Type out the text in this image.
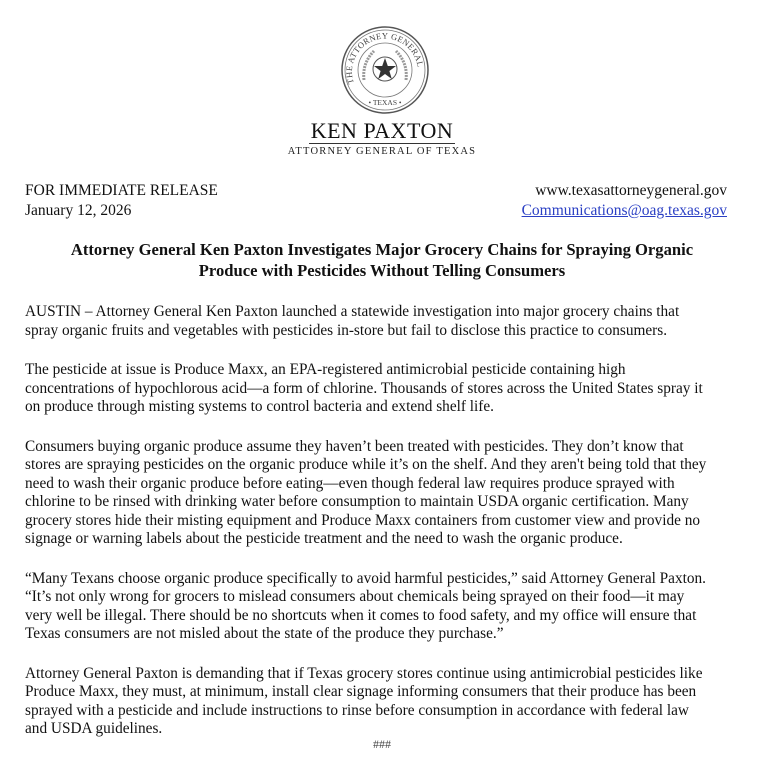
THE ATTORNEY GENERAL
• TEXAS •
KEN PAXTON
ATTORNEY GENERAL OF TEXAS
FOR IMMEDIATE RELEASE
January 12, 2026
www.texasattorneygeneral.gov
Communications@oag.texas.gov
Attorney General Ken Paxton Investigates Major Grocery Chains for Spraying Organic
Produce with Pesticides Without Telling Consumers

AUSTIN – Attorney General Ken Paxton launched a statewide investigation into major grocery chains that
spray organic fruits and vegetables with pesticides in-store but fail to disclose this practice to consumers.

The pesticide at issue is Produce Maxx, an EPA-registered antimicrobial pesticide containing high
concentrations of hypochlorous acid—a form of chlorine. Thousands of stores across the United States spray it
on produce through misting systems to control bacteria and extend shelf life.

Consumers buying organic produce assume they haven’t been treated with pesticides. They don’t know that
stores are spraying pesticides on the organic produce while it’s on the shelf. And they aren't being told that they
need to wash their organic produce before eating—even though federal law requires produce sprayed with
chlorine to be rinsed with drinking water before consumption to maintain USDA organic certification. Many
grocery stores hide their misting equipment and Produce Maxx containers from customer view and provide no
signage or warning labels about the pesticide treatment and the need to wash the organic produce.

“Many Texans choose organic produce specifically to avoid harmful pesticides,” said Attorney General Paxton.
“It’s not only wrong for grocers to mislead consumers about chemicals being sprayed on their food—it may
very well be illegal. There should be no shortcuts when it comes to food safety, and my office will ensure that
Texas consumers are not misled about the state of the produce they purchase.”

Attorney General Paxton is demanding that if Texas grocery stores continue using antimicrobial pesticides like
Produce Maxx, they must, at minimum, install clear signage informing consumers that their produce has been
sprayed with a pesticide and include instructions to rinse before consumption in accordance with federal law
and USDA guidelines.

###
